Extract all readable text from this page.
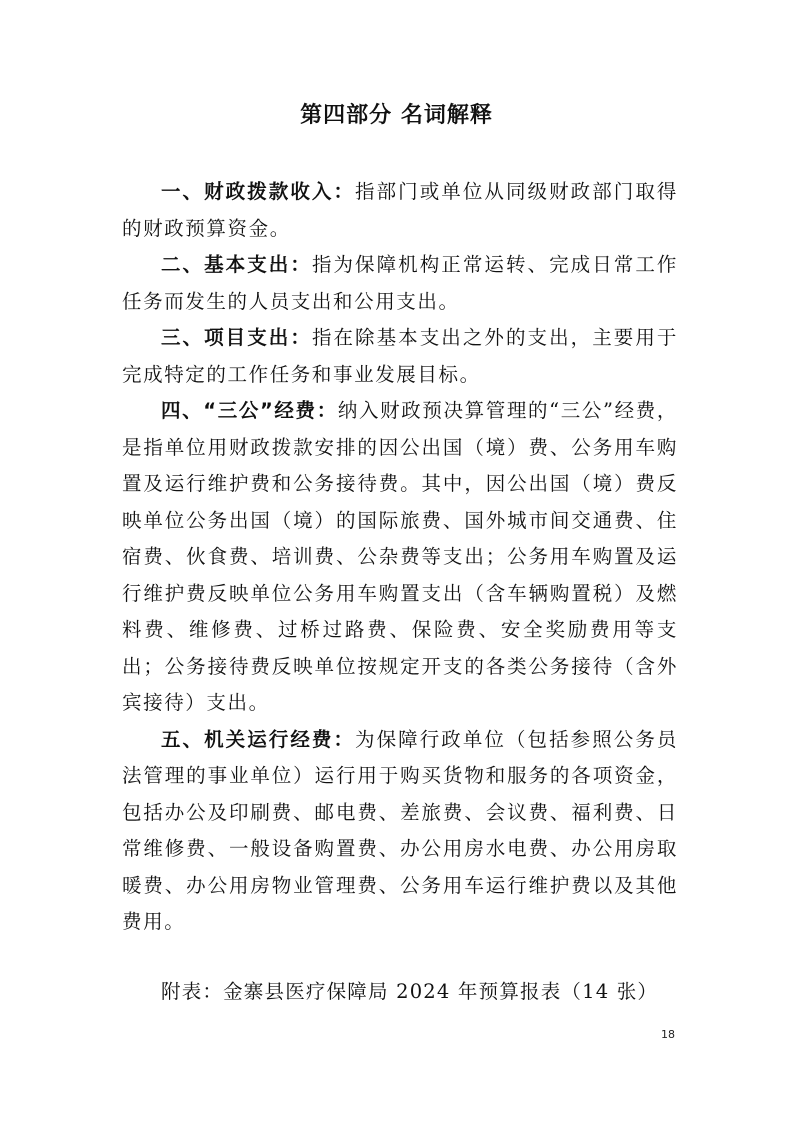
第四部分 名词解释

一、财政拨款收入：指部门或单位从同级财政部门取得的财政预算资金。

二、基本支出：指为保障机构正常运转、完成日常工作任务而发生的人员支出和公用支出。

三、项目支出：指在除基本支出之外的支出，主要用于完成特定的工作任务和事业发展目标。

四、“三公”经费：纳入财政预决算管理的“三公”经费，是指单位用财政拨款安排的因公出国（境）费、公务用车购置及运行维护费和公务接待费。其中，因公出国（境）费反映单位公务出国（境）的国际旅费、国外城市间交通费、住宿费、伙食费、培训费、公杂费等支出；公务用车购置及运行维护费反映单位公务用车购置支出（含车辆购置税）及燃料费、维修费、过桥过路费、保险费、安全奖励费用等支出；公务接待费反映单位按规定开支的各类公务接待（含外宾接待）支出。

五、机关运行经费：为保障行政单位（包括参照公务员法管理的事业单位）运行用于购买货物和服务的各项资金，包括办公及印刷费、邮电费、差旅费、会议费、福利费、日常维修费、一般设备购置费、办公用房水电费、办公用房取暖费、办公用房物业管理费、公务用车运行维护费以及其他费用。

附表：金寨县医疗保障局 2024 年预算报表（14 张）

18
